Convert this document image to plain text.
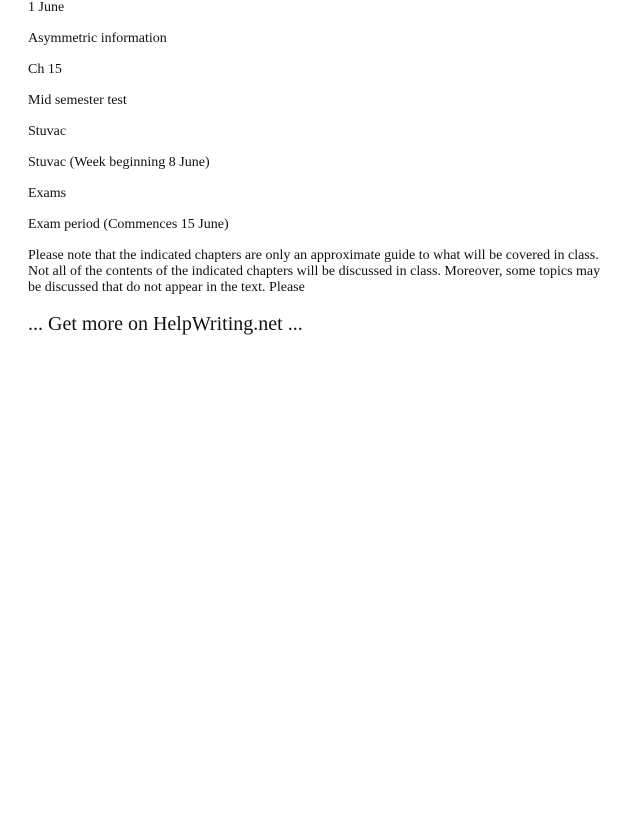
1 June

Asymmetric information

Ch 15

Mid semester test

Stuvac

Stuvac (Week beginning 8 June)

Exams

Exam period (Commences 15 June)

Please note that the indicated chapters are only an approximate guide to what will be covered in class. Not all of the contents of the indicated chapters will be discussed in class. Moreover, some topics may be discussed that do not appear in the text. Please

... Get more on HelpWriting.net ...
